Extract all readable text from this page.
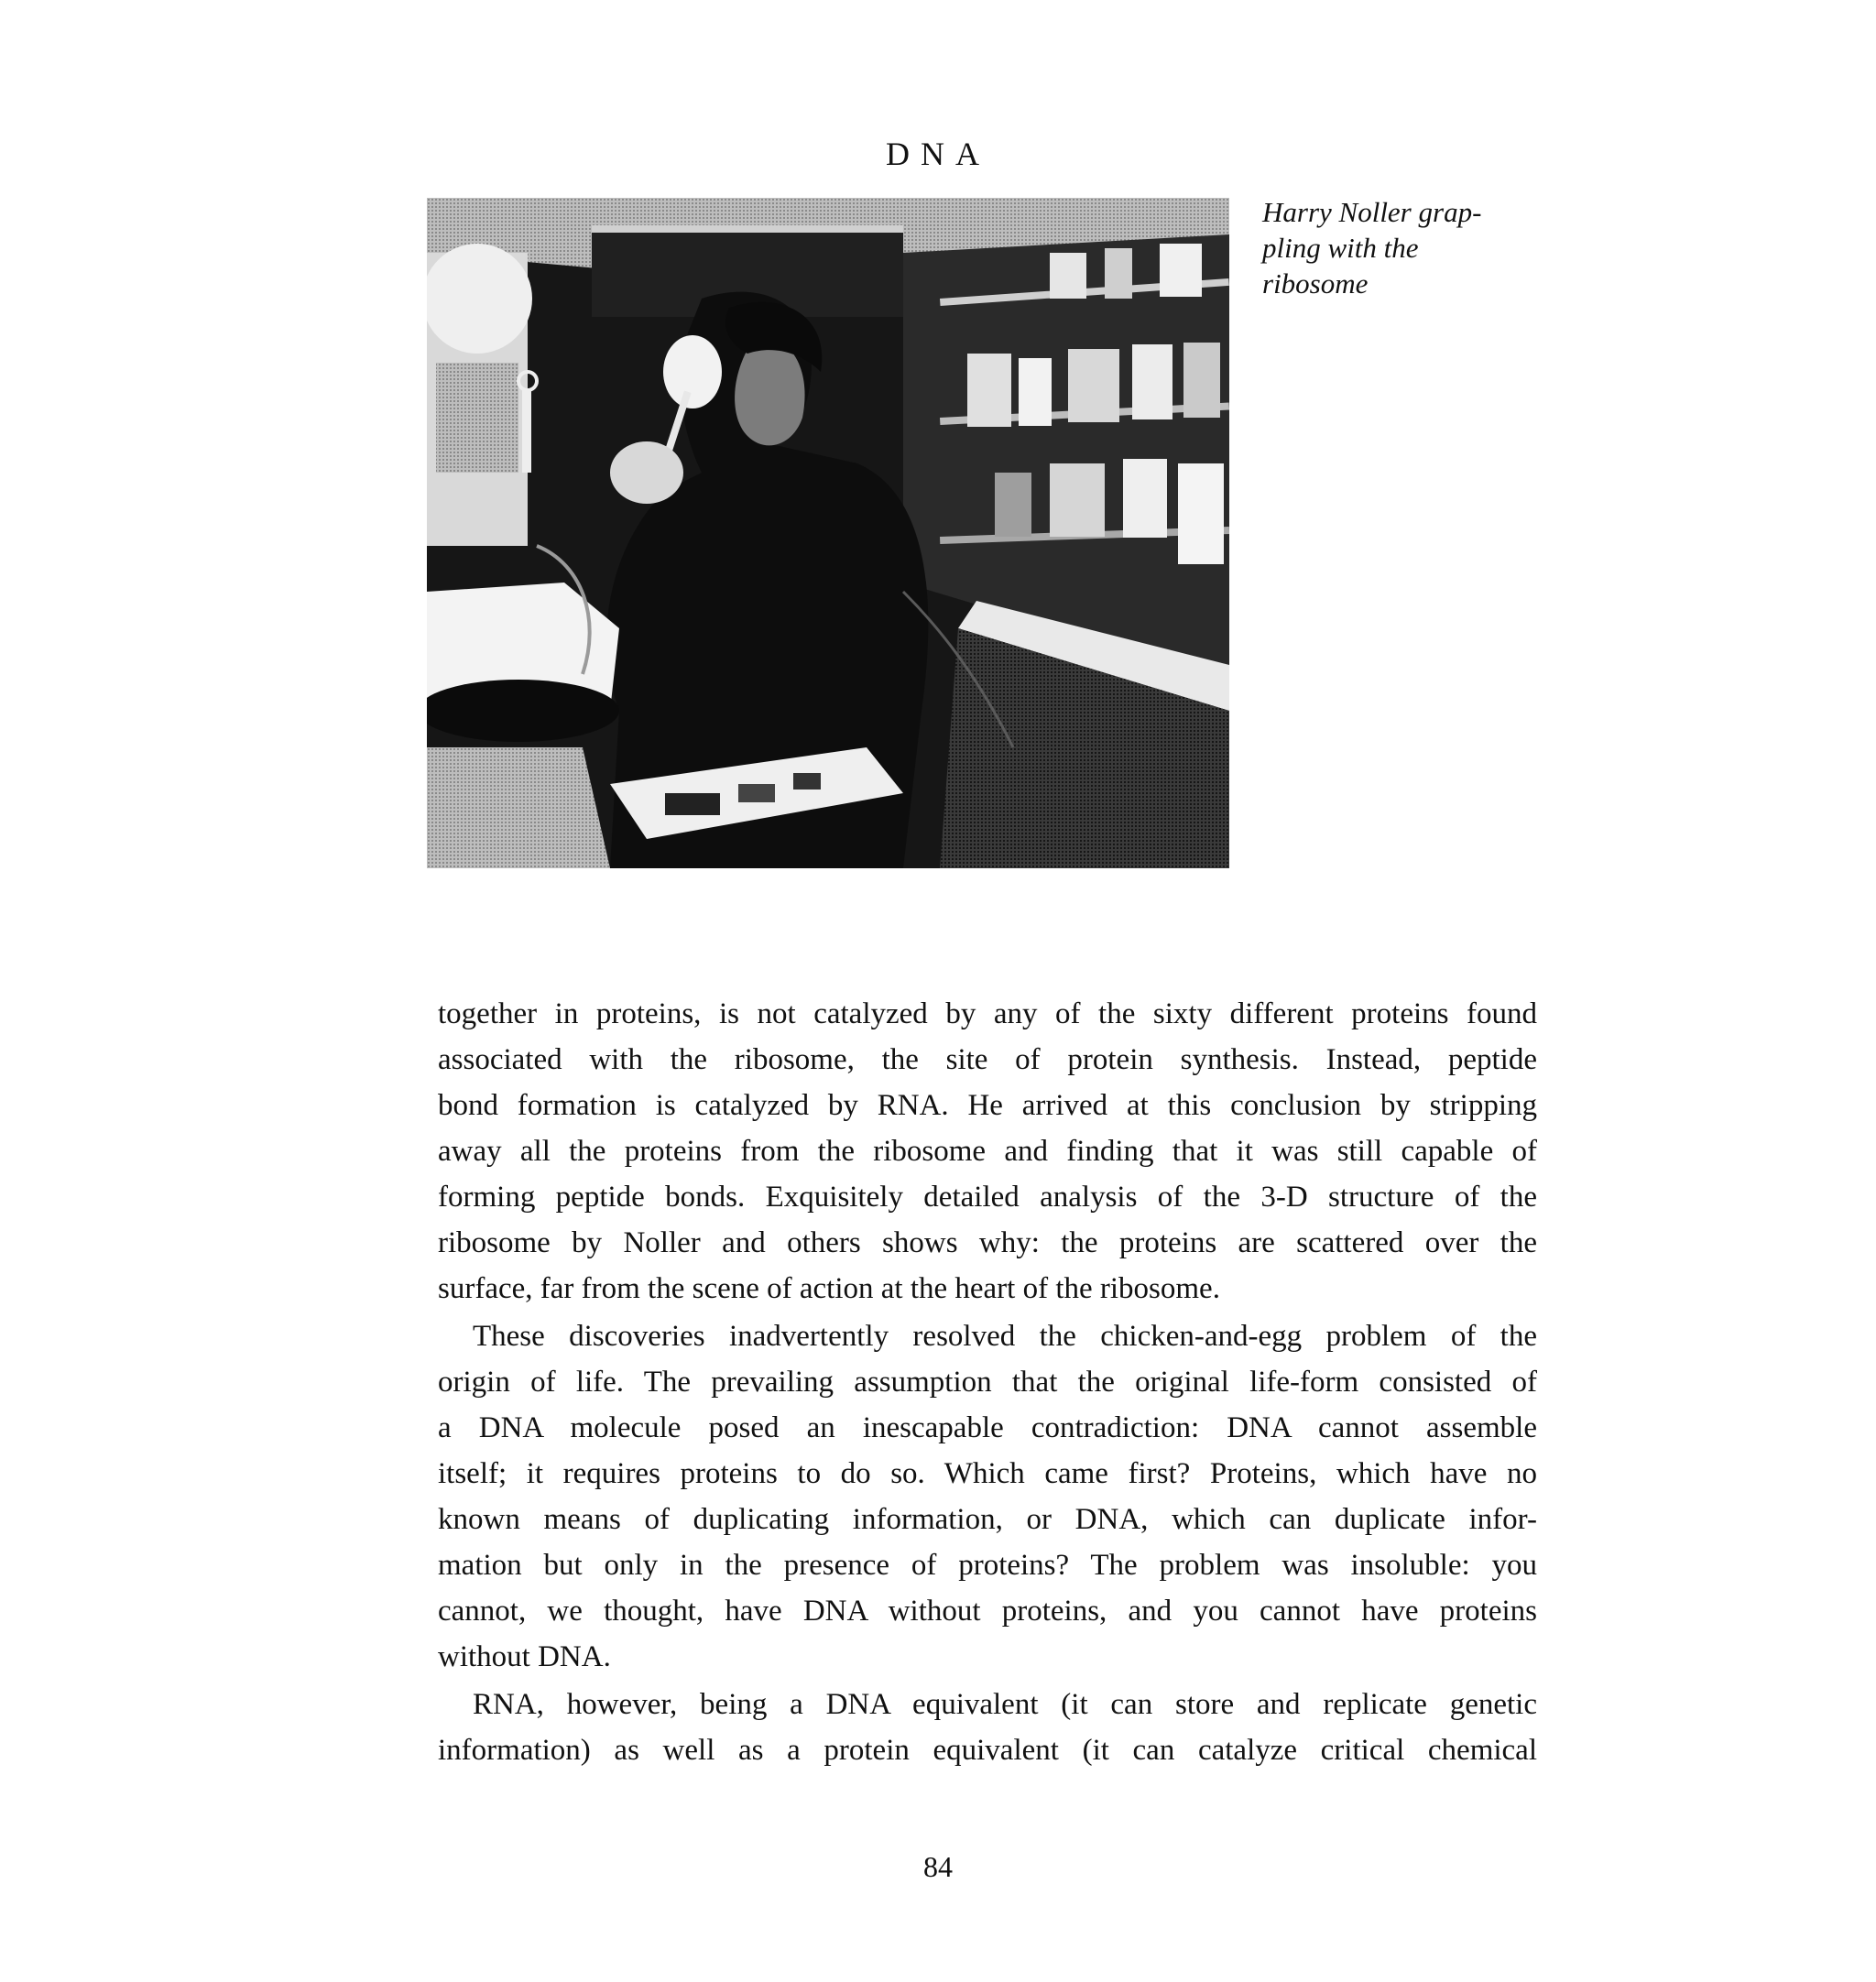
DNA
Harry Noller grap-
pling with the
ribosome

together in proteins, is not catalyzed by any of the sixty different proteins found
associated with the ribosome, the site of protein synthesis. Instead, peptide
bond formation is catalyzed by RNA. He arrived at this conclusion by stripping
away all the proteins from the ribosome and finding that it was still capable of
forming peptide bonds. Exquisitely detailed analysis of the 3-D structure of the
ribosome by Noller and others shows why: the proteins are scattered over the
surface, far from the scene of action at the heart of the ribosome.

These discoveries inadvertently resolved the chicken-and-egg problem of the
origin of life. The prevailing assumption that the original life-form consisted of
a DNA molecule posed an inescapable contradiction: DNA cannot assemble
itself; it requires proteins to do so. Which came first? Proteins, which have no
known means of duplicating information, or DNA, which can duplicate infor-
mation but only in the presence of proteins? The problem was insoluble: you
cannot, we thought, have DNA without proteins, and you cannot have proteins
without DNA.

RNA, however, being a DNA equivalent (it can store and replicate genetic
information) as well as a protein equivalent (it can catalyze critical chemical

84
